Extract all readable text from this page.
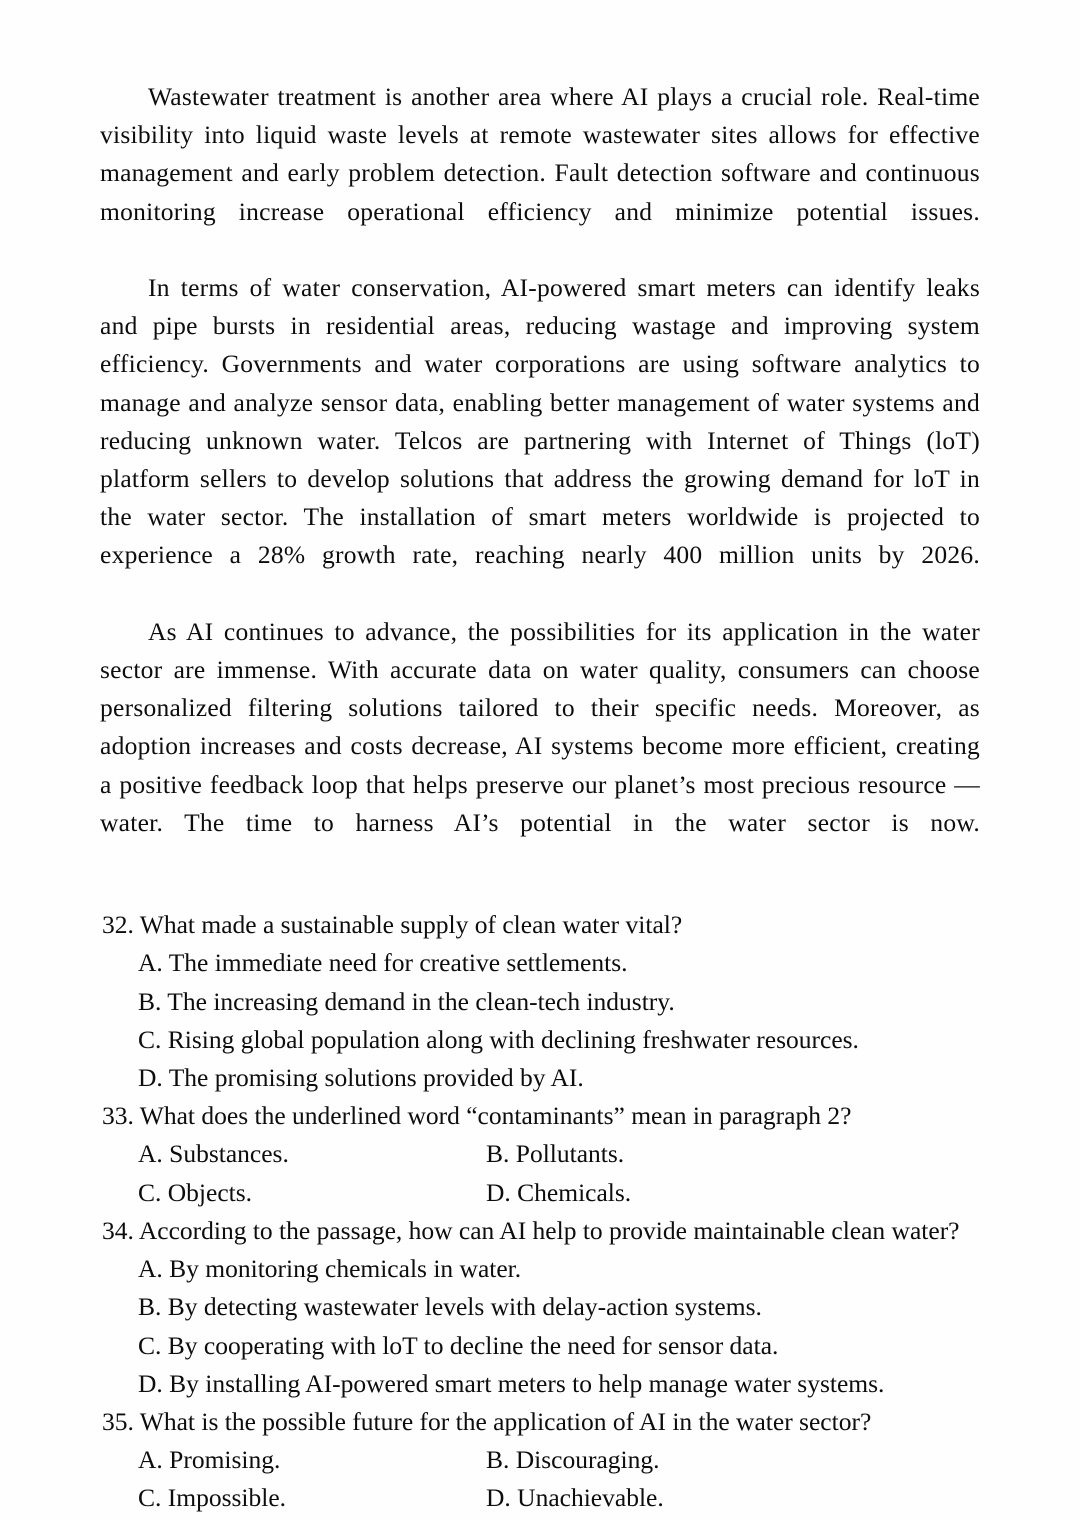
Wastewater treatment is another area where AI plays a crucial role. Real-time visibility into liquid waste levels at remote wastewater sites allows for effective management and early problem detection. Fault detection software and continuous monitoring increase operational efficiency and minimize potential issues.

In terms of water conservation, AI-powered smart meters can identify leaks and pipe bursts in residential areas, reducing wastage and improving system efficiency. Governments and water corporations are using software analytics to manage and analyze sensor data, enabling better management of water systems and reducing unknown water. Telcos are partnering with Internet of Things (loT) platform sellers to develop solutions that address the growing demand for loT in the water sector. The installation of smart meters worldwide is projected to experience a 28% growth rate, reaching nearly 400 million units by 2026.

As AI continues to advance, the possibilities for its application in the water sector are immense. With accurate data on water quality, consumers can choose personalized filtering solutions tailored to their specific needs. Moreover, as adoption increases and costs decrease, AI systems become more efficient, creating a positive feedback loop that helps preserve our planet’s most precious resource — water. The time to harness AI’s potential in the water sector is now.

32. What made a sustainable supply of clean water vital?
A. The immediate need for creative settlements.
B. The increasing demand in the clean-tech industry.
C. Rising global population along with declining freshwater resources.
D. The promising solutions provided by AI.
33. What does the underlined word “contaminants” mean in paragraph 2?
A. Substances.	B. Pollutants.
C. Objects.	D. Chemicals.
34. According to the passage, how can AI help to provide maintainable clean water?
A. By monitoring chemicals in water.
B. By detecting wastewater levels with delay-action systems.
C. By cooperating with loT to decline the need for sensor data.
D. By installing AI-powered smart meters to help manage water systems.
35. What is the possible future for the application of AI in the water sector?
A. Promising.	B. Discouraging.
C. Impossible.	D. Unachievable.
